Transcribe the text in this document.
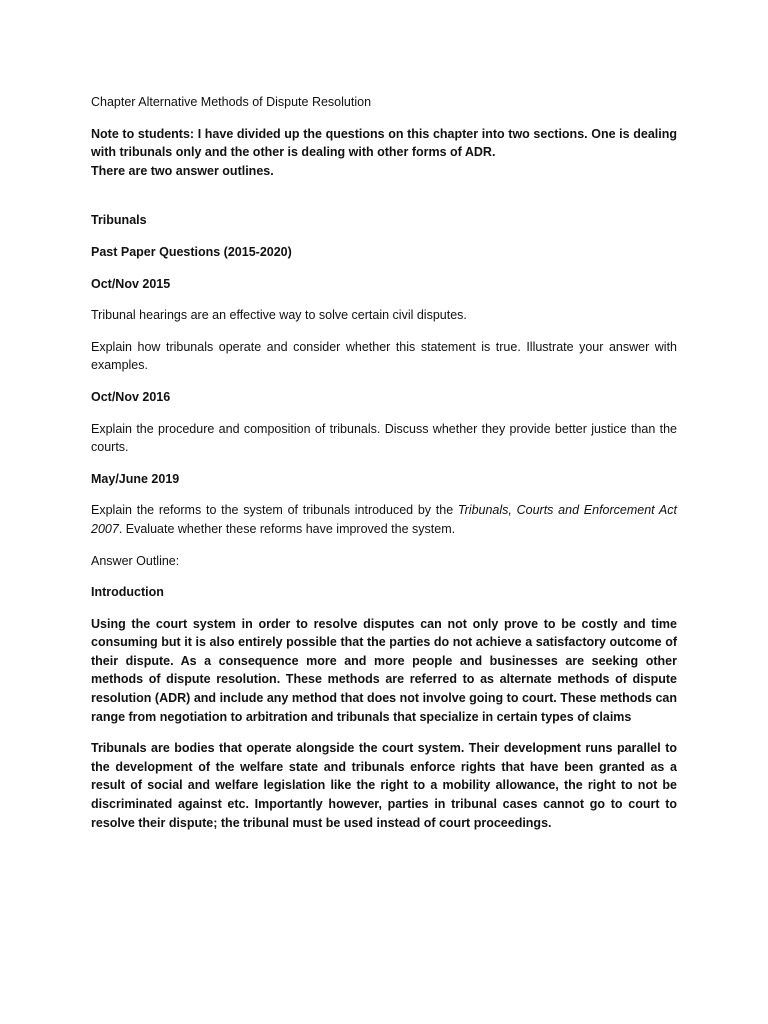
Chapter Alternative Methods of Dispute Resolution

Note to students: I have divided up the questions on this chapter into two sections. One is dealing with tribunals only and the other is dealing with other forms of ADR.
There are two answer outlines.

Tribunals

Past Paper Questions (2015-2020)

Oct/Nov 2015

Tribunal hearings are an effective way to solve certain civil disputes.

Explain how tribunals operate and consider whether this statement is true. Illustrate your answer with examples.

Oct/Nov 2016

Explain the procedure and composition of tribunals. Discuss whether they provide better justice than the courts.

May/June 2019

Explain the reforms to the system of tribunals introduced by the Tribunals, Courts and Enforcement Act 2007. Evaluate whether these reforms have improved the system.

Answer Outline:

Introduction

Using the court system in order to resolve disputes can not only prove to be costly and time consuming but it is also entirely possible that the parties do not achieve a satisfactory outcome of their dispute. As a consequence more and more people and businesses are seeking other methods of dispute resolution. These methods are referred to as alternate methods of dispute resolution (ADR) and include any method that does not involve going to court. These methods can range from negotiation to arbitration and tribunals that specialize in certain types of claims

Tribunals are bodies that operate alongside the court system. Their development runs parallel to the development of the welfare state and tribunals enforce rights that have been granted as a result of social and welfare legislation like the right to a mobility allowance, the right to not be discriminated against etc. Importantly however, parties in tribunal cases cannot go to court to resolve their dispute; the tribunal must be used instead of court proceedings.
